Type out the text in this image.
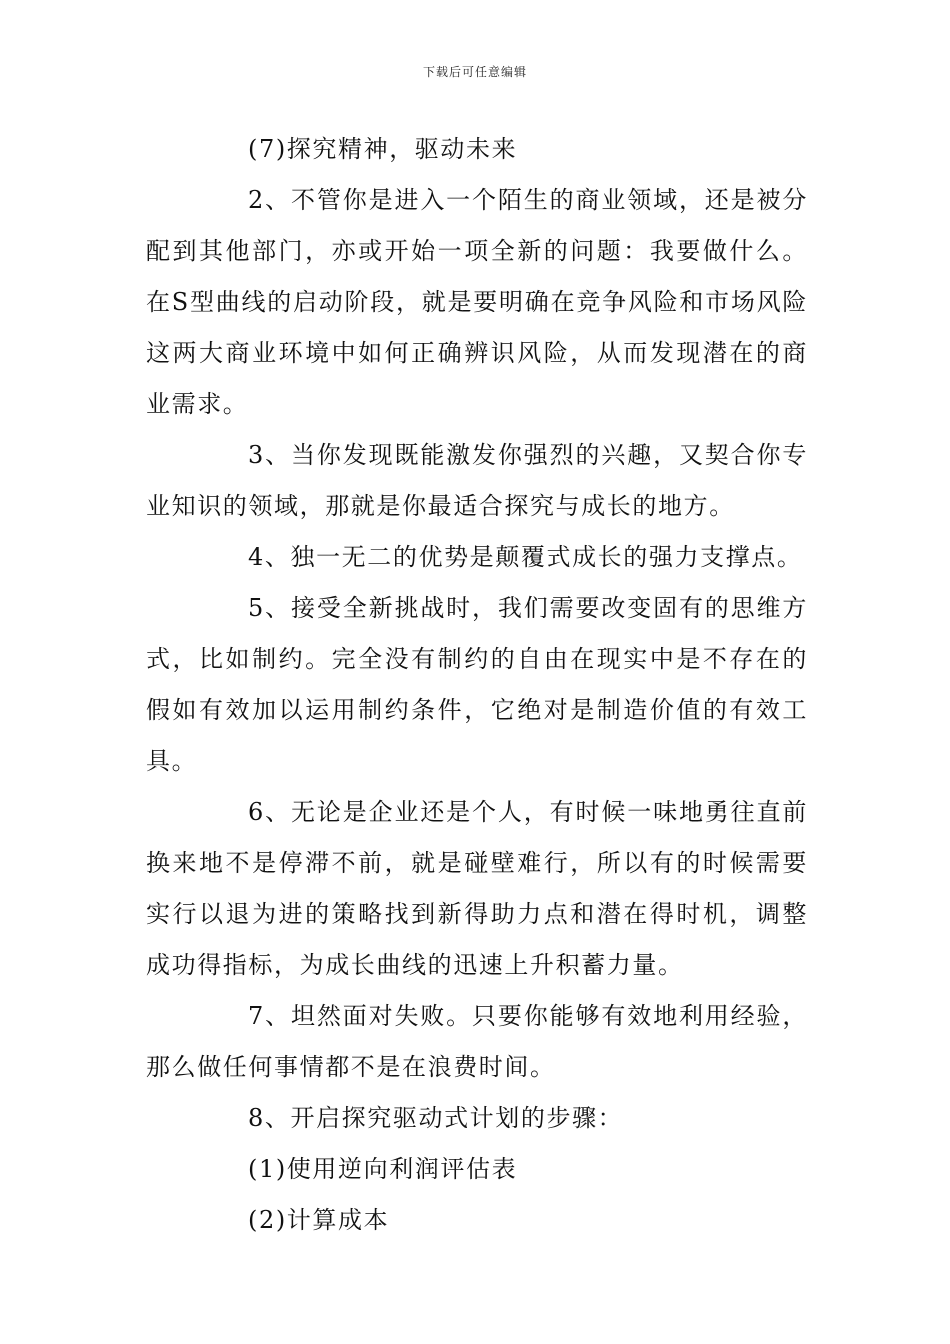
下载后可任意编辑

(7)探究精神，驱动未来

2、不管你是进入一个陌生的商业领域，还是被分配到其他部门，亦或开始一项全新的问题：我要做什么。在S型曲线的启动阶段，就是要明确在竞争风险和市场风险这两大商业环境中如何正确辨识风险，从而发现潜在的商业需求。

3、当你发现既能激发你强烈的兴趣，又契合你专业知识的领域，那就是你最适合探究与成长的地方。

4、独一无二的优势是颠覆式成长的强力支撑点。

5、接受全新挑战时，我们需要改变固有的思维方式，比如制约。完全没有制约的自由在现实中是不存在的假如有效加以运用制约条件，它绝对是制造价值的有效工具。

6、无论是企业还是个人，有时候一味地勇往直前换来地不是停滞不前，就是碰壁难行，所以有的时候需要实行以退为进的策略找到新得助力点和潜在得时机，调整成功得指标，为成长曲线的迅速上升积蓄力量。

7、坦然面对失败。只要你能够有效地利用经验，那么做任何事情都不是在浪费时间。

8、开启探究驱动式计划的步骤：

(1)使用逆向利润评估表

(2)计算成本
